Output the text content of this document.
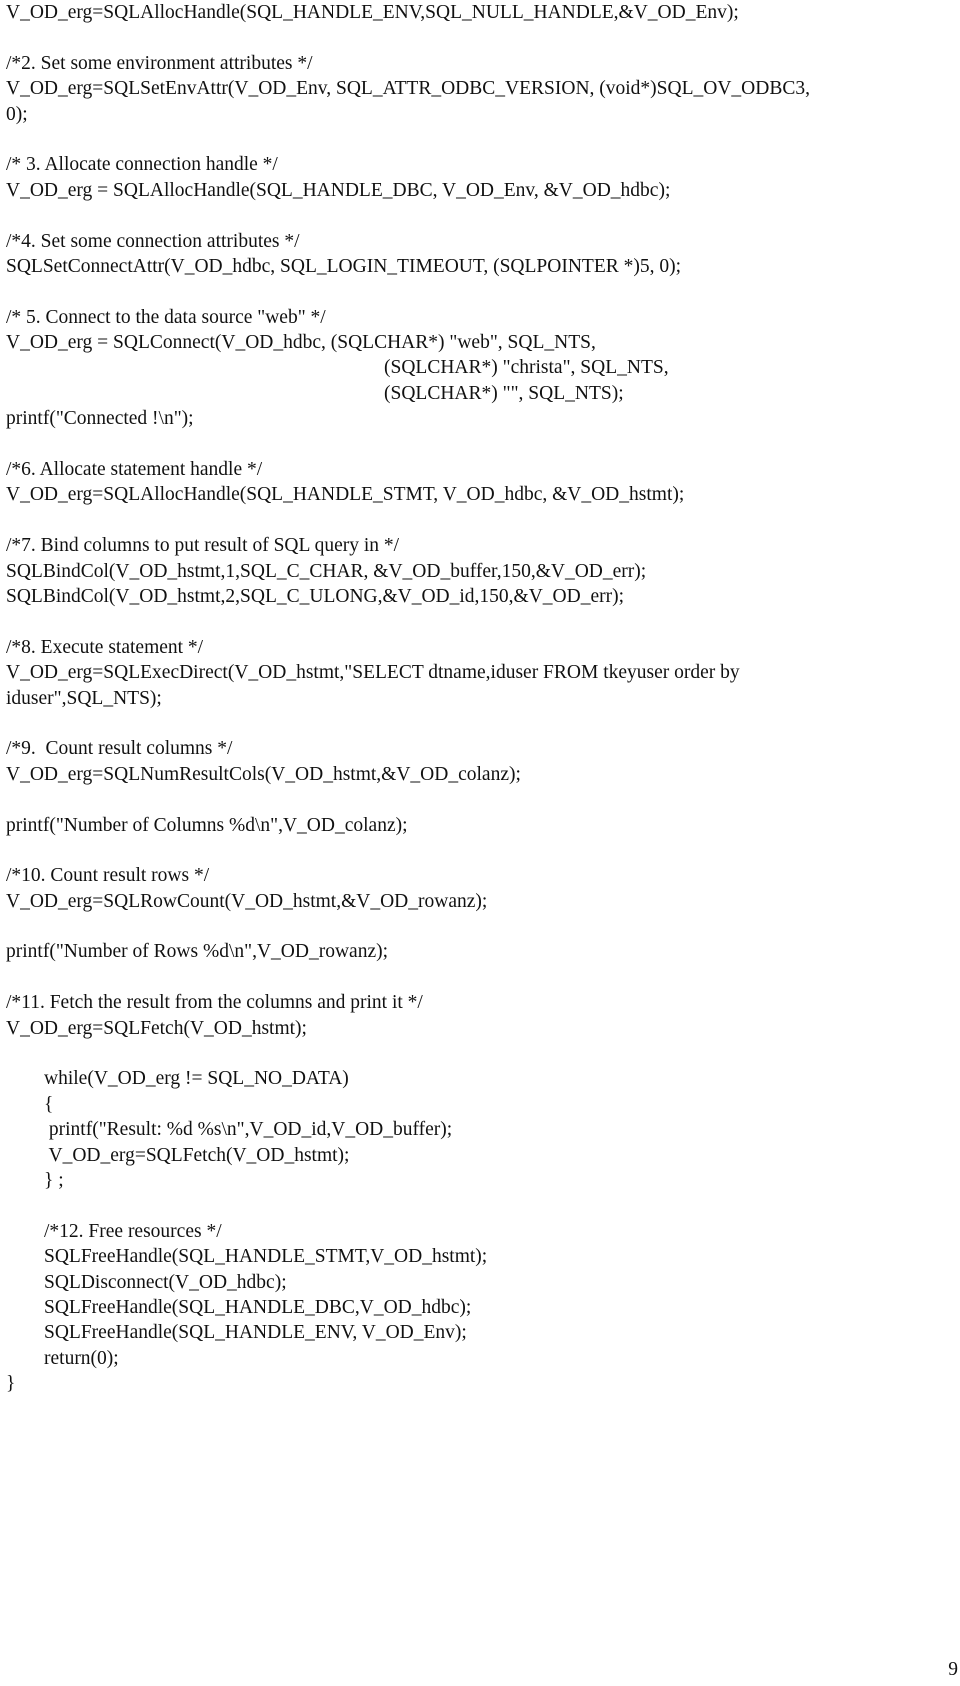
V_OD_erg=SQLAllocHandle(SQL_HANDLE_ENV,SQL_NULL_HANDLE,&V_OD_Env);
/*2. Set some environment attributes */
V_OD_erg=SQLSetEnvAttr(V_OD_Env, SQL_ATTR_ODBC_VERSION, (void*)SQL_OV_ODBC3,
0);
/* 3. Allocate connection handle */
V_OD_erg = SQLAllocHandle(SQL_HANDLE_DBC, V_OD_Env, &V_OD_hdbc);
/*4. Set some connection attributes */
SQLSetConnectAttr(V_OD_hdbc, SQL_LOGIN_TIMEOUT, (SQLPOINTER *)5, 0);
/* 5. Connect to the data source "web" */
V_OD_erg = SQLConnect(V_OD_hdbc, (SQLCHAR*) "web", SQL_NTS,
(SQLCHAR*) "christa", SQL_NTS,
(SQLCHAR*) "", SQL_NTS);
printf("Connected !\n");
/*6. Allocate statement handle */
V_OD_erg=SQLAllocHandle(SQL_HANDLE_STMT, V_OD_hdbc, &V_OD_hstmt);
/*7. Bind columns to put result of SQL query in */
SQLBindCol(V_OD_hstmt,1,SQL_C_CHAR, &V_OD_buffer,150,&V_OD_err);
SQLBindCol(V_OD_hstmt,2,SQL_C_ULONG,&V_OD_id,150,&V_OD_err);
/*8. Execute statement */
V_OD_erg=SQLExecDirect(V_OD_hstmt,"SELECT dtname,iduser FROM tkeyuser order by
iduser",SQL_NTS);
/*9.  Count result columns */
V_OD_erg=SQLNumResultCols(V_OD_hstmt,&V_OD_colanz);
printf("Number of Columns %d\n",V_OD_colanz);
/*10. Count result rows */
V_OD_erg=SQLRowCount(V_OD_hstmt,&V_OD_rowanz);
printf("Number of Rows %d\n",V_OD_rowanz);
/*11. Fetch the result from the columns and print it */
V_OD_erg=SQLFetch(V_OD_hstmt);
while(V_OD_erg != SQL_NO_DATA)
{
printf("Result: %d %s\n",V_OD_id,V_OD_buffer);
V_OD_erg=SQLFetch(V_OD_hstmt);
} ;
/*12. Free resources */
SQLFreeHandle(SQL_HANDLE_STMT,V_OD_hstmt);
SQLDisconnect(V_OD_hdbc);
SQLFreeHandle(SQL_HANDLE_DBC,V_OD_hdbc);
SQLFreeHandle(SQL_HANDLE_ENV, V_OD_Env);
return(0);
}
9
